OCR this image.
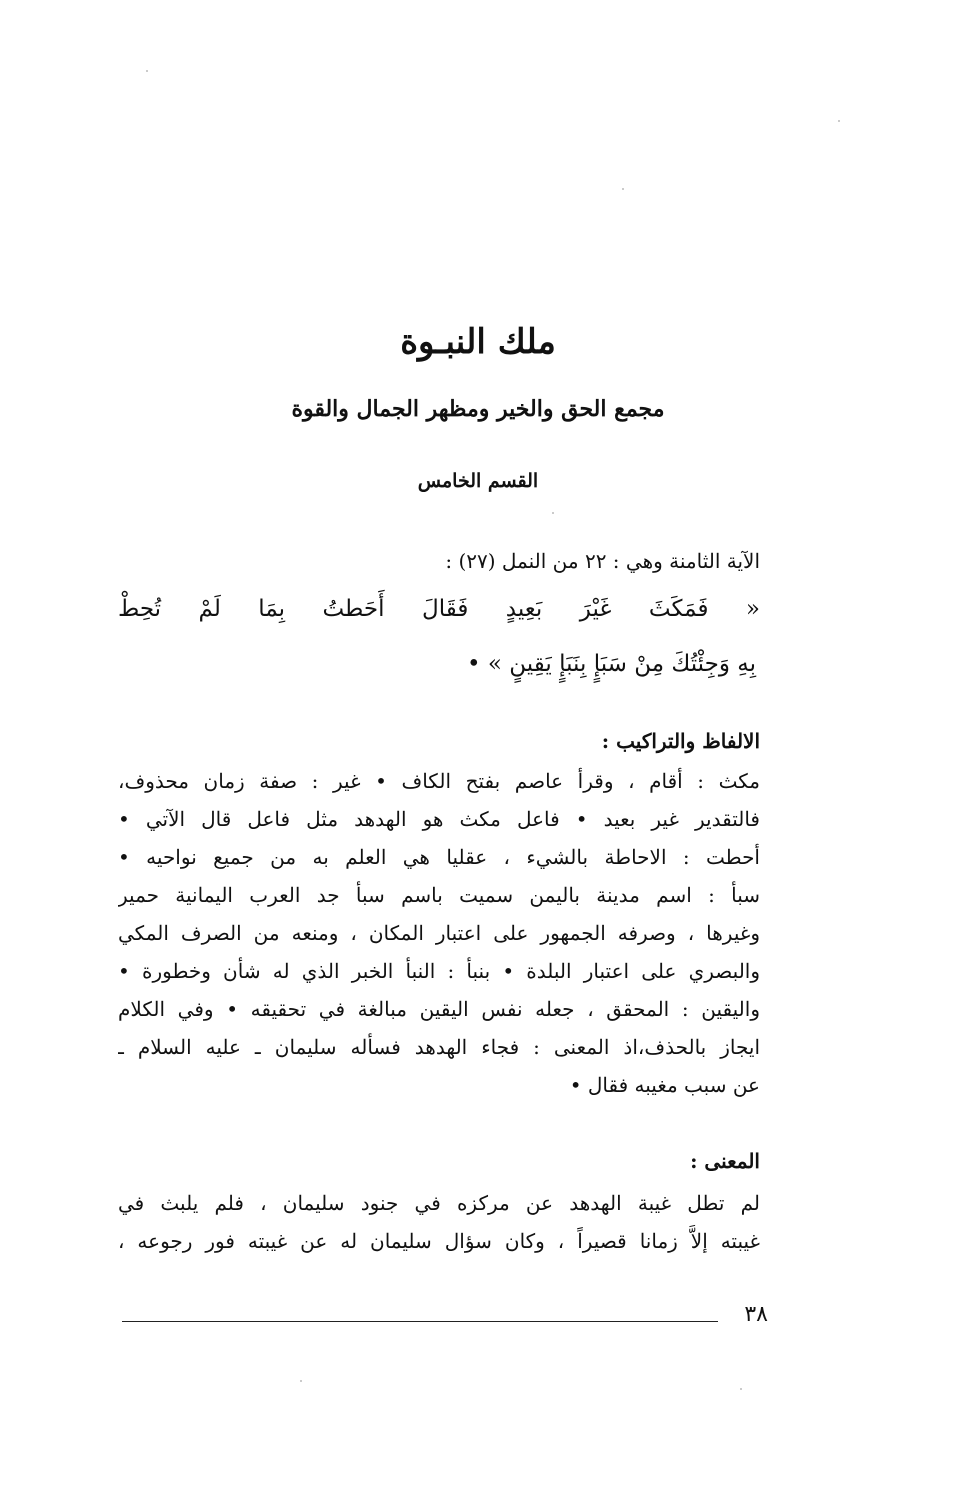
ملك النبـوة
مجمع الحق والخير ومظهر الجمال والقوة
القسم الخامس
الآية الثامنة وهي : ٢٢ من النمل (٢٧) :
« فَمَكَثَ غَيْرَ بَعِيدٍ فَقَالَ أَحَطتُ بِمَا لَمْ تُحِطْ
بِهِ وَجِئْتُكَ مِنْ سَبَإٍ بِنَبَإٍ يَقِينٍ » •
الالفاظ والتراكيب :
مكث : أقام ، وقرأ عاصم بفتح الكاف • غير : صفة زمان محذوف،
فالتقدير غير بعيد • فاعل مكث هو الهدهد مثل فاعل قال الآتي •
أحطت : الاحاطة بالشيء ، عقليا هي العلم به من جميع نواحيه •
سبأ : اسم مدينة باليمن سميت باسم سبأ جد العرب اليمانية حمير
وغيرها ، وصرفه الجمهور على اعتبار المكان ، ومنعه من الصرف المكي
والبصري على اعتبار البلدة • بنبأ : النبأ الخبر الذي له شأن وخطورة •
واليقين : المحقق ، جعله نفس اليقين مبالغة في تحقيقه • وفي الكلام
ايجاز بالحذف،اذ المعنى : فجاء الهدهد فسأله سليمان ـ عليه السلام ـ
عن سبب مغيبه فقال •
المعنى :
لم تطل غيبة الهدهد عن مركزه في جنود سليمان ، فلم يلبث في
غيبته إلاَّ زمانا قصيراً ، وكان سؤال سليمان له عن غيبته فور رجوعه ،
٣٨
